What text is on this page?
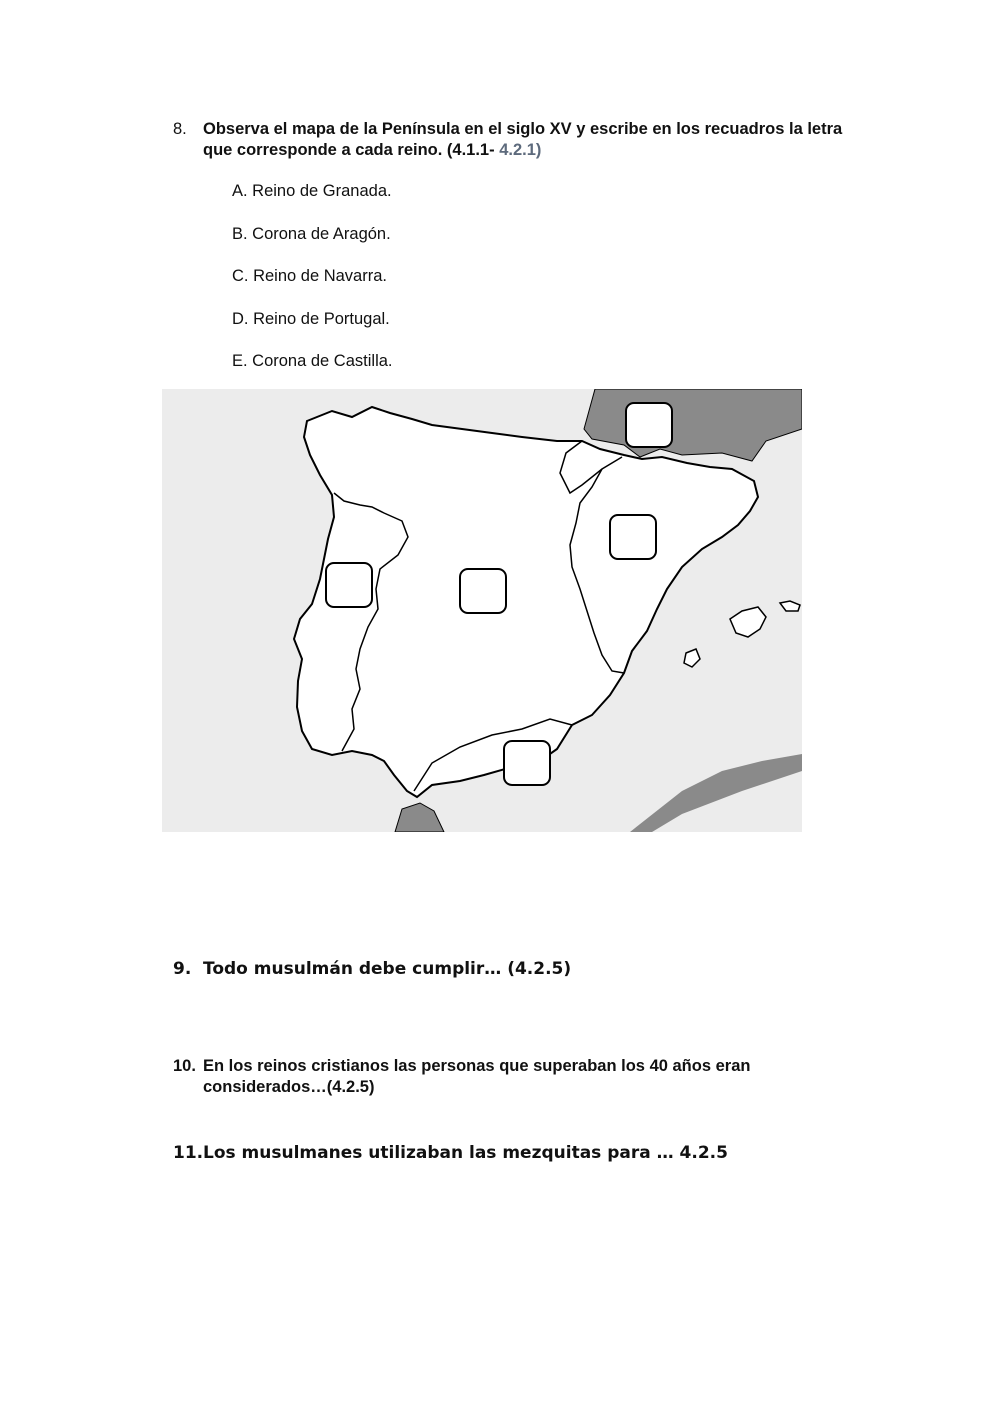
8. Observa el mapa de la Península en el siglo XV y escribe en los recuadros la letra que corresponde a cada reino. (4.1.1- 4.2.1)
A. Reino de Granada.
B. Corona de Aragón.
C. Reino de Navarra.
D. Reino de Portugal.
E. Corona de Castilla.
9. Todo musulmán debe cumplir… (4.2.5)
10. En los reinos cristianos las personas que superaban los 40 años eran considerados…(4.2.5)
11. Los musulmanes utilizaban las mezquitas para … 4.2.5
